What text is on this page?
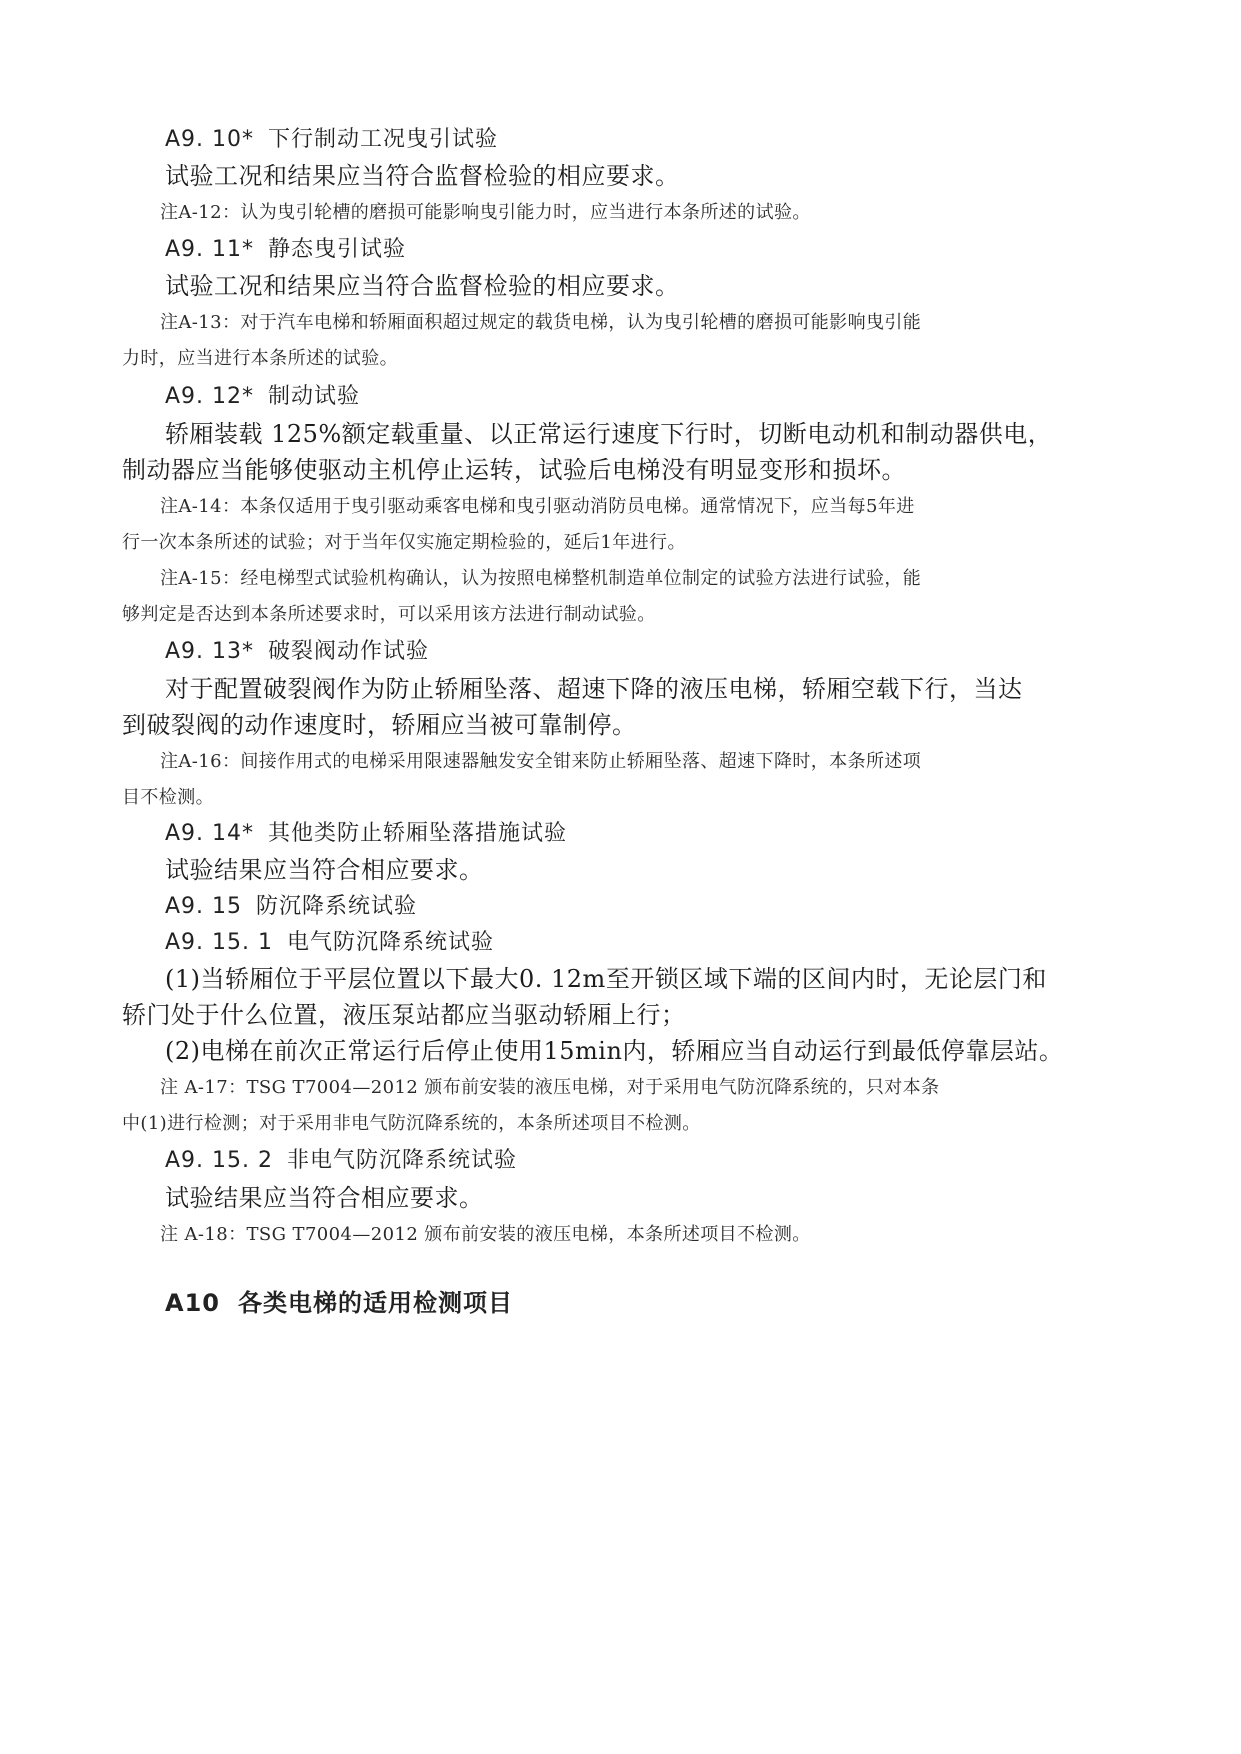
A9. 10* 下行制动工况曳引试验
试验工况和结果应当符合监督检验的相应要求。
注A-12：认为曳引轮槽的磨损可能影响曳引能力时，应当进行本条所述的试验。
A9. 11* 静态曳引试验
试验工况和结果应当符合监督检验的相应要求。
注A-13：对于汽车电梯和轿厢面积超过规定的载货电梯，认为曳引轮槽的磨损可能影响曳引能
力时，应当进行本条所述的试验。
A9. 12* 制动试验
轿厢装载 125%额定载重量、以正常运行速度下行时，切断电动机和制动器供电，
制动器应当能够使驱动主机停止运转，试验后电梯没有明显变形和损坏。
注A-14：本条仅适用于曳引驱动乘客电梯和曳引驱动消防员电梯。通常情况下，应当每5年进
行一次本条所述的试验；对于当年仅实施定期检验的，延后1年进行。
注A-15：经电梯型式试验机构确认，认为按照电梯整机制造单位制定的试验方法进行试验，能
够判定是否达到本条所述要求时，可以采用该方法进行制动试验。
A9. 13* 破裂阀动作试验
对于配置破裂阀作为防止轿厢坠落、超速下降的液压电梯，轿厢空载下行，当达
到破裂阀的动作速度时，轿厢应当被可靠制停。
注A-16：间接作用式的电梯采用限速器触发安全钳来防止轿厢坠落、超速下降时，本条所述项
目不检测。
A9. 14* 其他类防止轿厢坠落措施试验
试验结果应当符合相应要求。
A9. 15 防沉降系统试验
A9. 15. 1 电气防沉降系统试验
(1)当轿厢位于平层位置以下最大0. 12m至开锁区域下端的区间内时，无论层门和
轿门处于什么位置，液压泵站都应当驱动轿厢上行；
(2)电梯在前次正常运行后停止使用15min内，轿厢应当自动运行到最低停靠层站。
注 A-17：TSG T7004—2012 颁布前安装的液压电梯，对于采用电气防沉降系统的，只对本条
中(1)进行检测；对于采用非电气防沉降系统的，本条所述项目不检测。
A9. 15. 2 非电气防沉降系统试验
试验结果应当符合相应要求。
注 A-18：TSG T7004—2012 颁布前安装的液压电梯，本条所述项目不检测。
A10 各类电梯的适用检测项目
